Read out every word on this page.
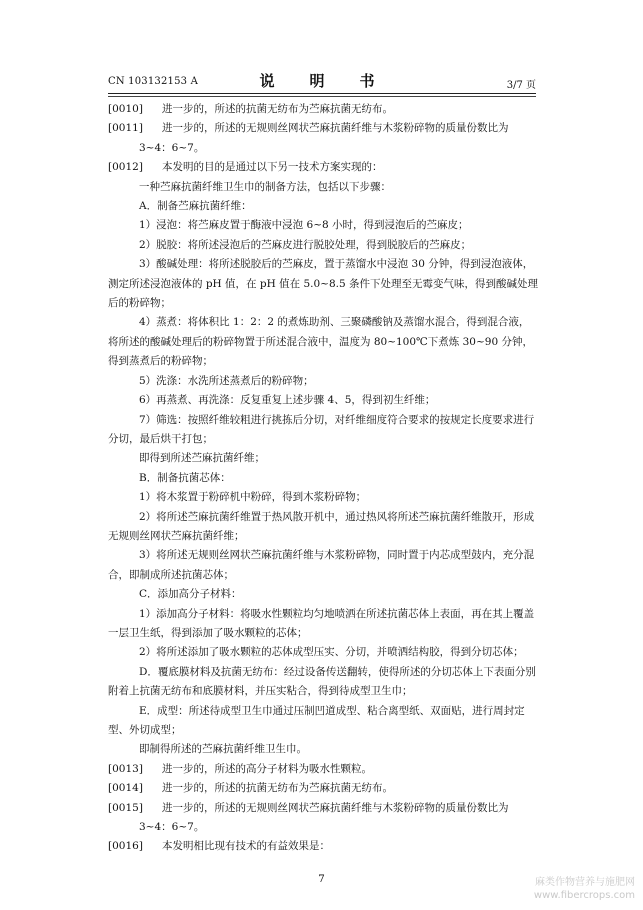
CN 103132153 A	说　明　书	3/7 页
[0010]	进一步的，所述的抗菌无纺布为苎麻抗菌无纺布。
[0011]	进一步的，所述的无规则丝网状苎麻抗菌纤维与木浆粉碎物的质量份数比为 3~4：6~7。
[0012]	本发明的目的是通过以下另一技术方案实现的：
一种苎麻抗菌纤维卫生巾的制备方法，包括以下步骤：
A．制备苎麻抗菌纤维：
1）浸泡：将苎麻皮置于酶液中浸泡 6~8 小时，得到浸泡后的苎麻皮；
2）脱胶：将所述浸泡后的苎麻皮进行脱胶处理，得到脱胶后的苎麻皮；
3）酸碱处理：将所述脱胶后的苎麻皮，置于蒸馏水中浸泡 30 分钟，得到浸泡液体，测定所述浸泡液体的 pH 值，在 pH 值在 5.0~8.5 条件下处理至无霉变气味，得到酸碱处理后的粉碎物；
4）蒸煮：将体积比 1：2：2 的煮炼助剂、三聚磷酸钠及蒸馏水混合，得到混合液，将所述的酸碱处理后的粉碎物置于所述混合液中，温度为 80~100℃下煮炼 30~90 分钟，得到蒸煮后的粉碎物；
5）洗涤：水洗所述蒸煮后的粉碎物；
6）再蒸煮、再洗涤：反复重复上述步骤 4、5，得到初生纤维；
7）筛选：按照纤维较粗进行挑拣后分切，对纤维细度符合要求的按规定长度要求进行分切，最后烘干打包；
即得到所述苎麻抗菌纤维；
B．制备抗菌芯体：
1）将木浆置于粉碎机中粉碎，得到木浆粉碎物；
2）将所述苎麻抗菌纤维置于热风散开机中，通过热风将所述苎麻抗菌纤维散开，形成无规则丝网状苎麻抗菌纤维；
3）将所述无规则丝网状苎麻抗菌纤维与木浆粉碎物，同时置于内芯成型鼓内，充分混合，即制成所述抗菌芯体；
C．添加高分子材料：
1）添加高分子材料：将吸水性颗粒均匀地喷洒在所述抗菌芯体上表面，再在其上覆盖一层卫生纸，得到添加了吸水颗粒的芯体；
2）将所述添加了吸水颗粒的芯体成型压实、分切，并喷洒结构胶，得到分切芯体；
D．覆底膜材料及抗菌无纺布：经过设备传送翻转，使得所述的分切芯体上下表面分别附着上抗菌无纺布和底膜材料，并压实粘合，得到待成型卫生巾；
E．成型：所述待成型卫生巾通过压制凹道成型、粘合离型纸、双面贴，进行周封定型、外切成型；
即制得所述的苎麻抗菌纤维卫生巾。
[0013]	进一步的，所述的高分子材料为吸水性颗粒。
[0014]	进一步的，所述的抗菌无纺布为苎麻抗菌无纺布。
[0015]	进一步的，所述的无规则丝网状苎麻抗菌纤维与木浆粉碎物的质量份数比为 3~4：6~7。
[0016]	本发明相比现有技术的有益效果是：
7	麻类作物营养与施肥网
www.fibercrops.com
